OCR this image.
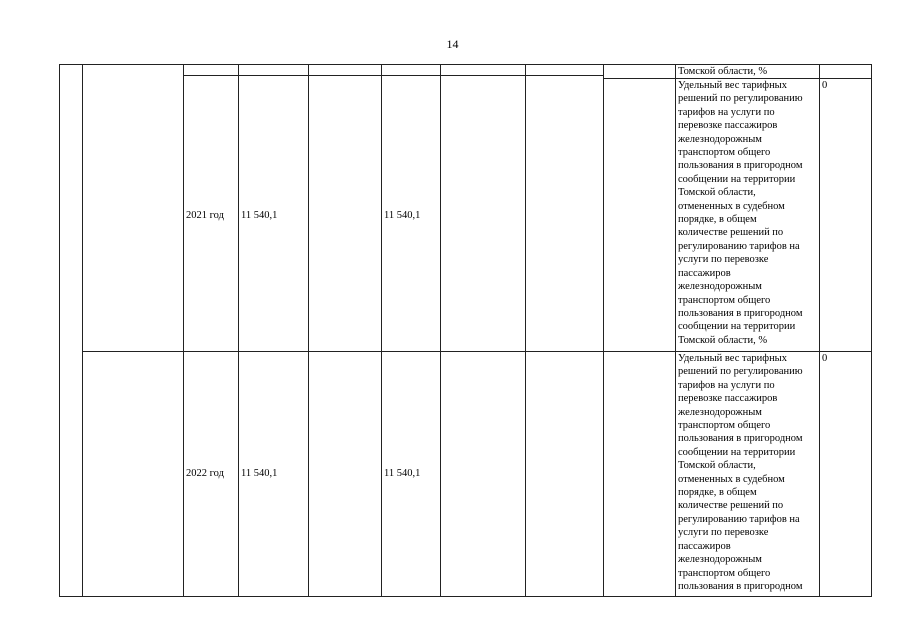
14
Томской области, %
2021 год 11 540,1	11 540,1
Удельный вес тарифных
решений по регулированию
тарифов на услуги по
перевозке пассажиров
железнодорожным
транспортом общего
пользования в пригородном
сообщении на территории
Томской области,
отмененных в судебном
порядке, в общем
количестве решений по
регулированию тарифов на
услуги по перевозке
пассажиров
железнодорожным
транспортом общего
пользования в пригородном
сообщении на территории
Томской области, %
0
2022 год 11 540,1	11 540,1
Удельный вес тарифных
решений по регулированию
тарифов на услуги по
перевозке пассажиров
железнодорожным
транспортом общего
пользования в пригородном
сообщении на территории
Томской области,
отмененных в судебном
порядке, в общем
количестве решений по
регулированию тарифов на
услуги по перевозке
пассажиров
железнодорожным
транспортом общего
пользования в пригородном
0
